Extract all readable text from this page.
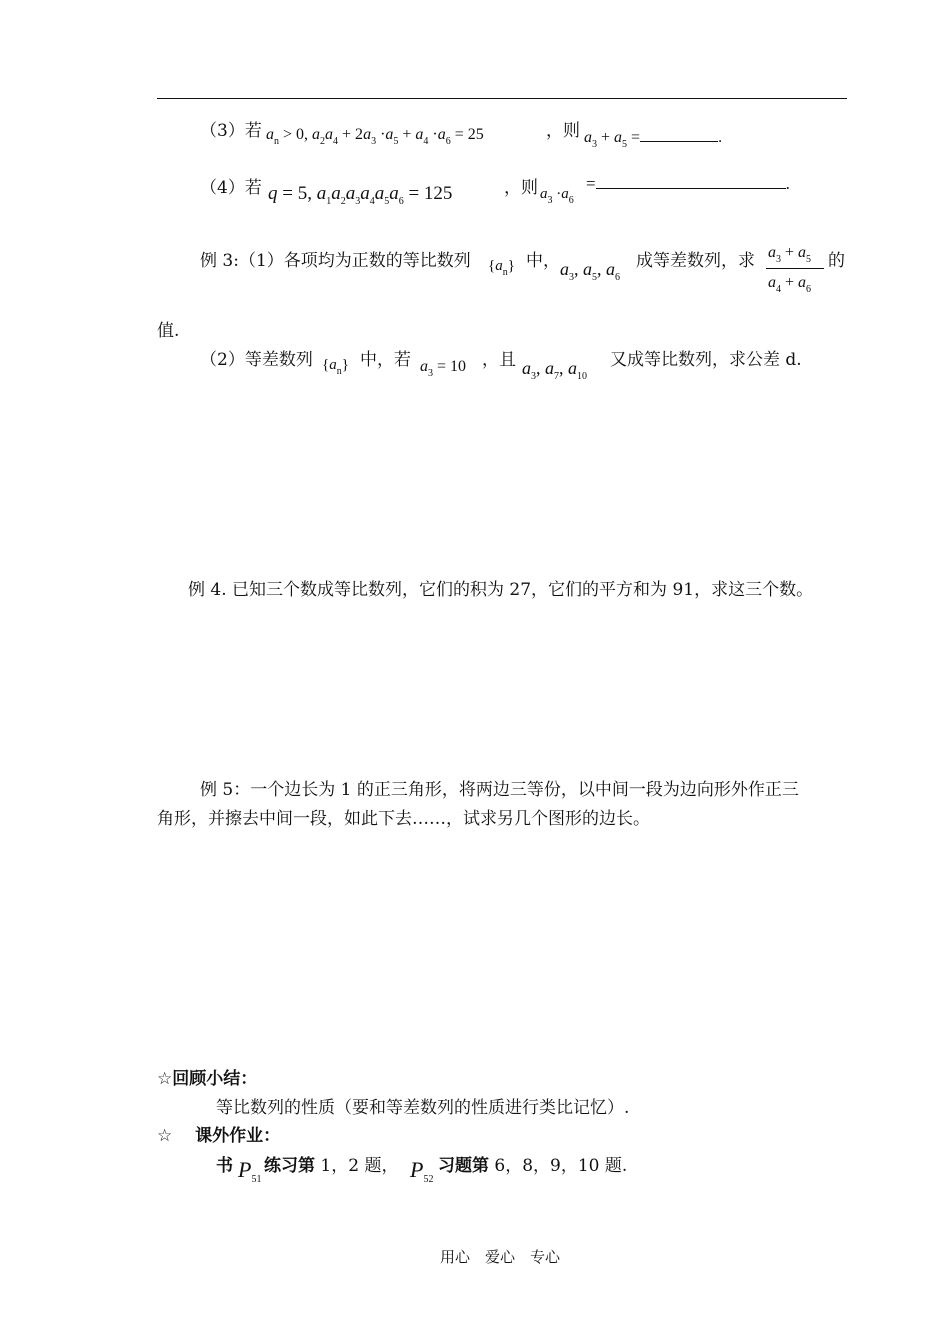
（3）若 $a_n > 0$, $a_2a_4 + 2a_3 \cdot a_5 + a_4 \cdot a_6 = 25$	，则 $a_3 + a_5$ =	.
（4）若 q = 5, $a_1a_2a_3a_4a_5a_6 = 125$	，则 $a_3 \cdot a_6$
=	.
例 3:（1）各项均为正数的等比数列 $\{a_n\}$ 中， $a_3$, $a_5$, $a_6$
成等差数列，求 $a_3 + a_5$
$a_4 + a_6$
的
值.
（2）等差数列 $\{a_n\}$ 中，若 $a_3 = 10$ ，且 $a_3$, $a_7$, $a_{10}$
又成等比数列，求公差 d.
例 4. 已知三个数成等比数列，它们的积为 27，它们的平方和为 91，求这三个数。
例 5：一个边长为 1 的正三角形，将两边三等份，以中间一段为边向形外作正三
角形，并擦去中间一段，如此下去……，试求另几个图形的边长。
☆回顾小结：
等比数列的性质（要和等差数列的性质进行类比记忆）.
☆ 　课外作业：
书 $P_{51}$
练习第 1，2 题， $P_{52}$
习题第 6，8，9，10 题.
用心　爱心　专心
